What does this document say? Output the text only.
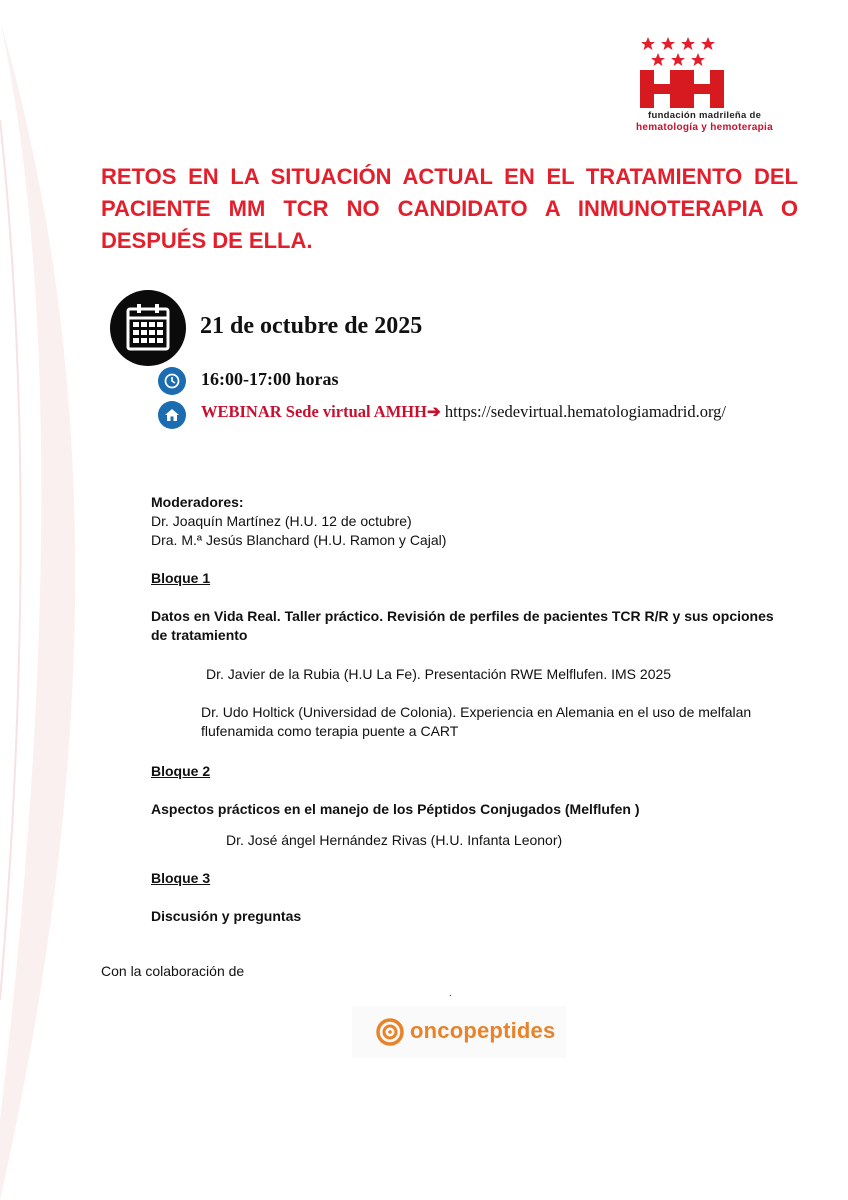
fundación madrileña de
hematología y hemoterapia
RETOS EN LA SITUACIÓN ACTUAL EN EL TRATAMIENTO DEL PACIENTE MM TCR NO CANDIDATO A INMUNOTERAPIA O DESPUÉS DE ELLA.
21 de octubre de 2025
16:00-17:00 horas
WEBINAR Sede virtual AMHH➔ https://sedevirtual.hematologiamadrid.org/
Moderadores:
Dr. Joaquín Martínez (H.U. 12 de octubre)
Dra. M.ª Jesús Blanchard (H.U. Ramon y Cajal)
Bloque 1
Datos en Vida Real. Taller práctico. Revisión de perfiles de pacientes TCR R/R y sus opciones de tratamiento
Dr. Javier de la Rubia (H.U La Fe). Presentación RWE Melflufen. IMS 2025
Dr. Udo Holtick (Universidad de Colonia). Experiencia en Alemania en el uso de melfalan flufenamida como terapia puente a CART
Bloque 2
Aspectos prácticos en el manejo de los Péptidos Conjugados (Melflufen )
Dr. José ángel Hernández Rivas (H.U. Infanta Leonor)
Bloque 3
Discusión y preguntas
Con la colaboración de
.
oncopeptides
